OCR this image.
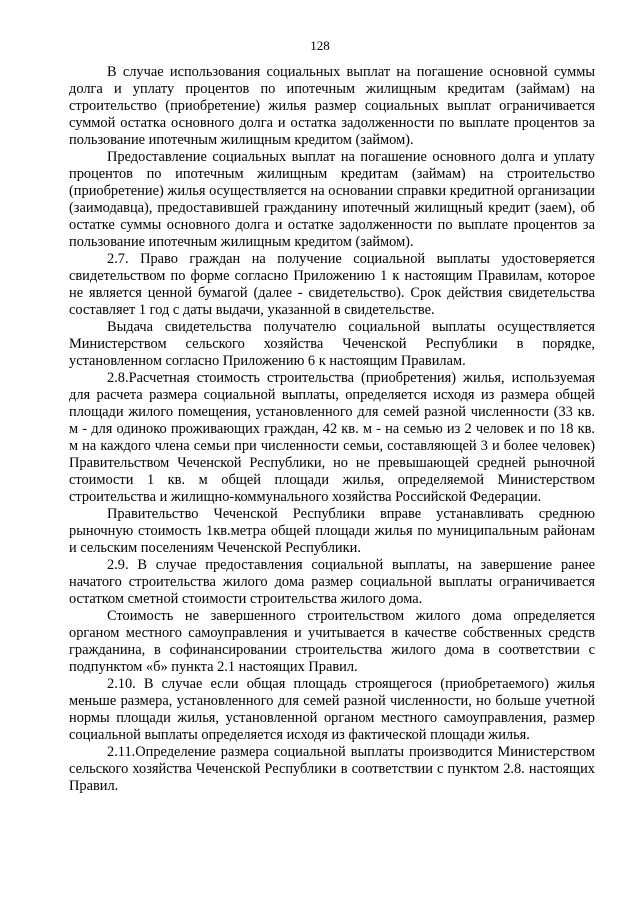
128

В случае использования социальных выплат на погашение основной суммы долга и уплату процентов по ипотечным жилищным кредитам (займам) на строительство (приобретение) жилья размер социальных выплат ограничивается суммой остатка основного долга и остатка задолженности по выплате процентов за пользование ипотечным жилищным кредитом (займом).

Предоставление социальных выплат на погашение основного долга и уплату процентов по ипотечным жилищным кредитам (займам) на строительство (приобретение) жилья осуществляется на основании справки кредитной организации (заимодавца), предоставившей гражданину ипотечный жилищный кредит (заем), об остатке суммы основного долга и остатке задолженности по выплате процентов за пользование ипотечным жилищным кредитом (займом).

2.7. Право граждан на получение социальной выплаты удостоверяется свидетельством по форме согласно Приложению 1 к настоящим Правилам, которое не является ценной бумагой (далее - свидетельство). Срок действия свидетельства составляет 1 год с даты выдачи, указанной в свидетельстве.

Выдача свидетельства получателю социальной выплаты осуществляется Министерством сельского хозяйства Чеченской Республики в порядке, установленном согласно Приложению 6 к настоящим Правилам.

2.8.Расчетная стоимость строительства (приобретения) жилья, используемая для расчета размера социальной выплаты, определяется исходя из размера общей площади жилого помещения, установленного для семей разной численности (33 кв. м - для одиноко проживающих граждан, 42 кв. м - на семью из 2 человек и по 18 кв. м на каждого члена семьи при численности семьи, составляющей 3 и более человек) Правительством Чеченской Республики, но не превышающей средней рыночной стоимости 1 кв. м общей площади жилья, определяемой Министерством строительства и жилищно-коммунального хозяйства Российской Федерации.

Правительство Чеченской Республики вправе устанавливать среднюю рыночную стоимость 1кв.метра общей площади жилья по муниципальным районам и сельским поселениям Чеченской Республики.

2.9. В случае предоставления социальной выплаты, на завершение ранее начатого строительства жилого дома размер социальной выплаты ограничивается остатком сметной стоимости строительства жилого дома.

Стоимость не завершенного строительством жилого дома определяется органом местного самоуправления и учитывается в качестве собственных средств гражданина, в софинансировании строительства жилого дома в соответствии с подпунктом «б» пункта 2.1 настоящих Правил.

2.10. В случае если общая площадь строящегося (приобретаемого) жилья меньше размера, установленного для семей разной численности, но больше учетной нормы площади жилья, установленной органом местного самоуправления, размер социальной выплаты определяется исходя из фактической площади жилья.

2.11.Определение размера социальной выплаты производится Министерством сельского хозяйства Чеченской Республики в соответствии с пунктом 2.8. настоящих Правил.
